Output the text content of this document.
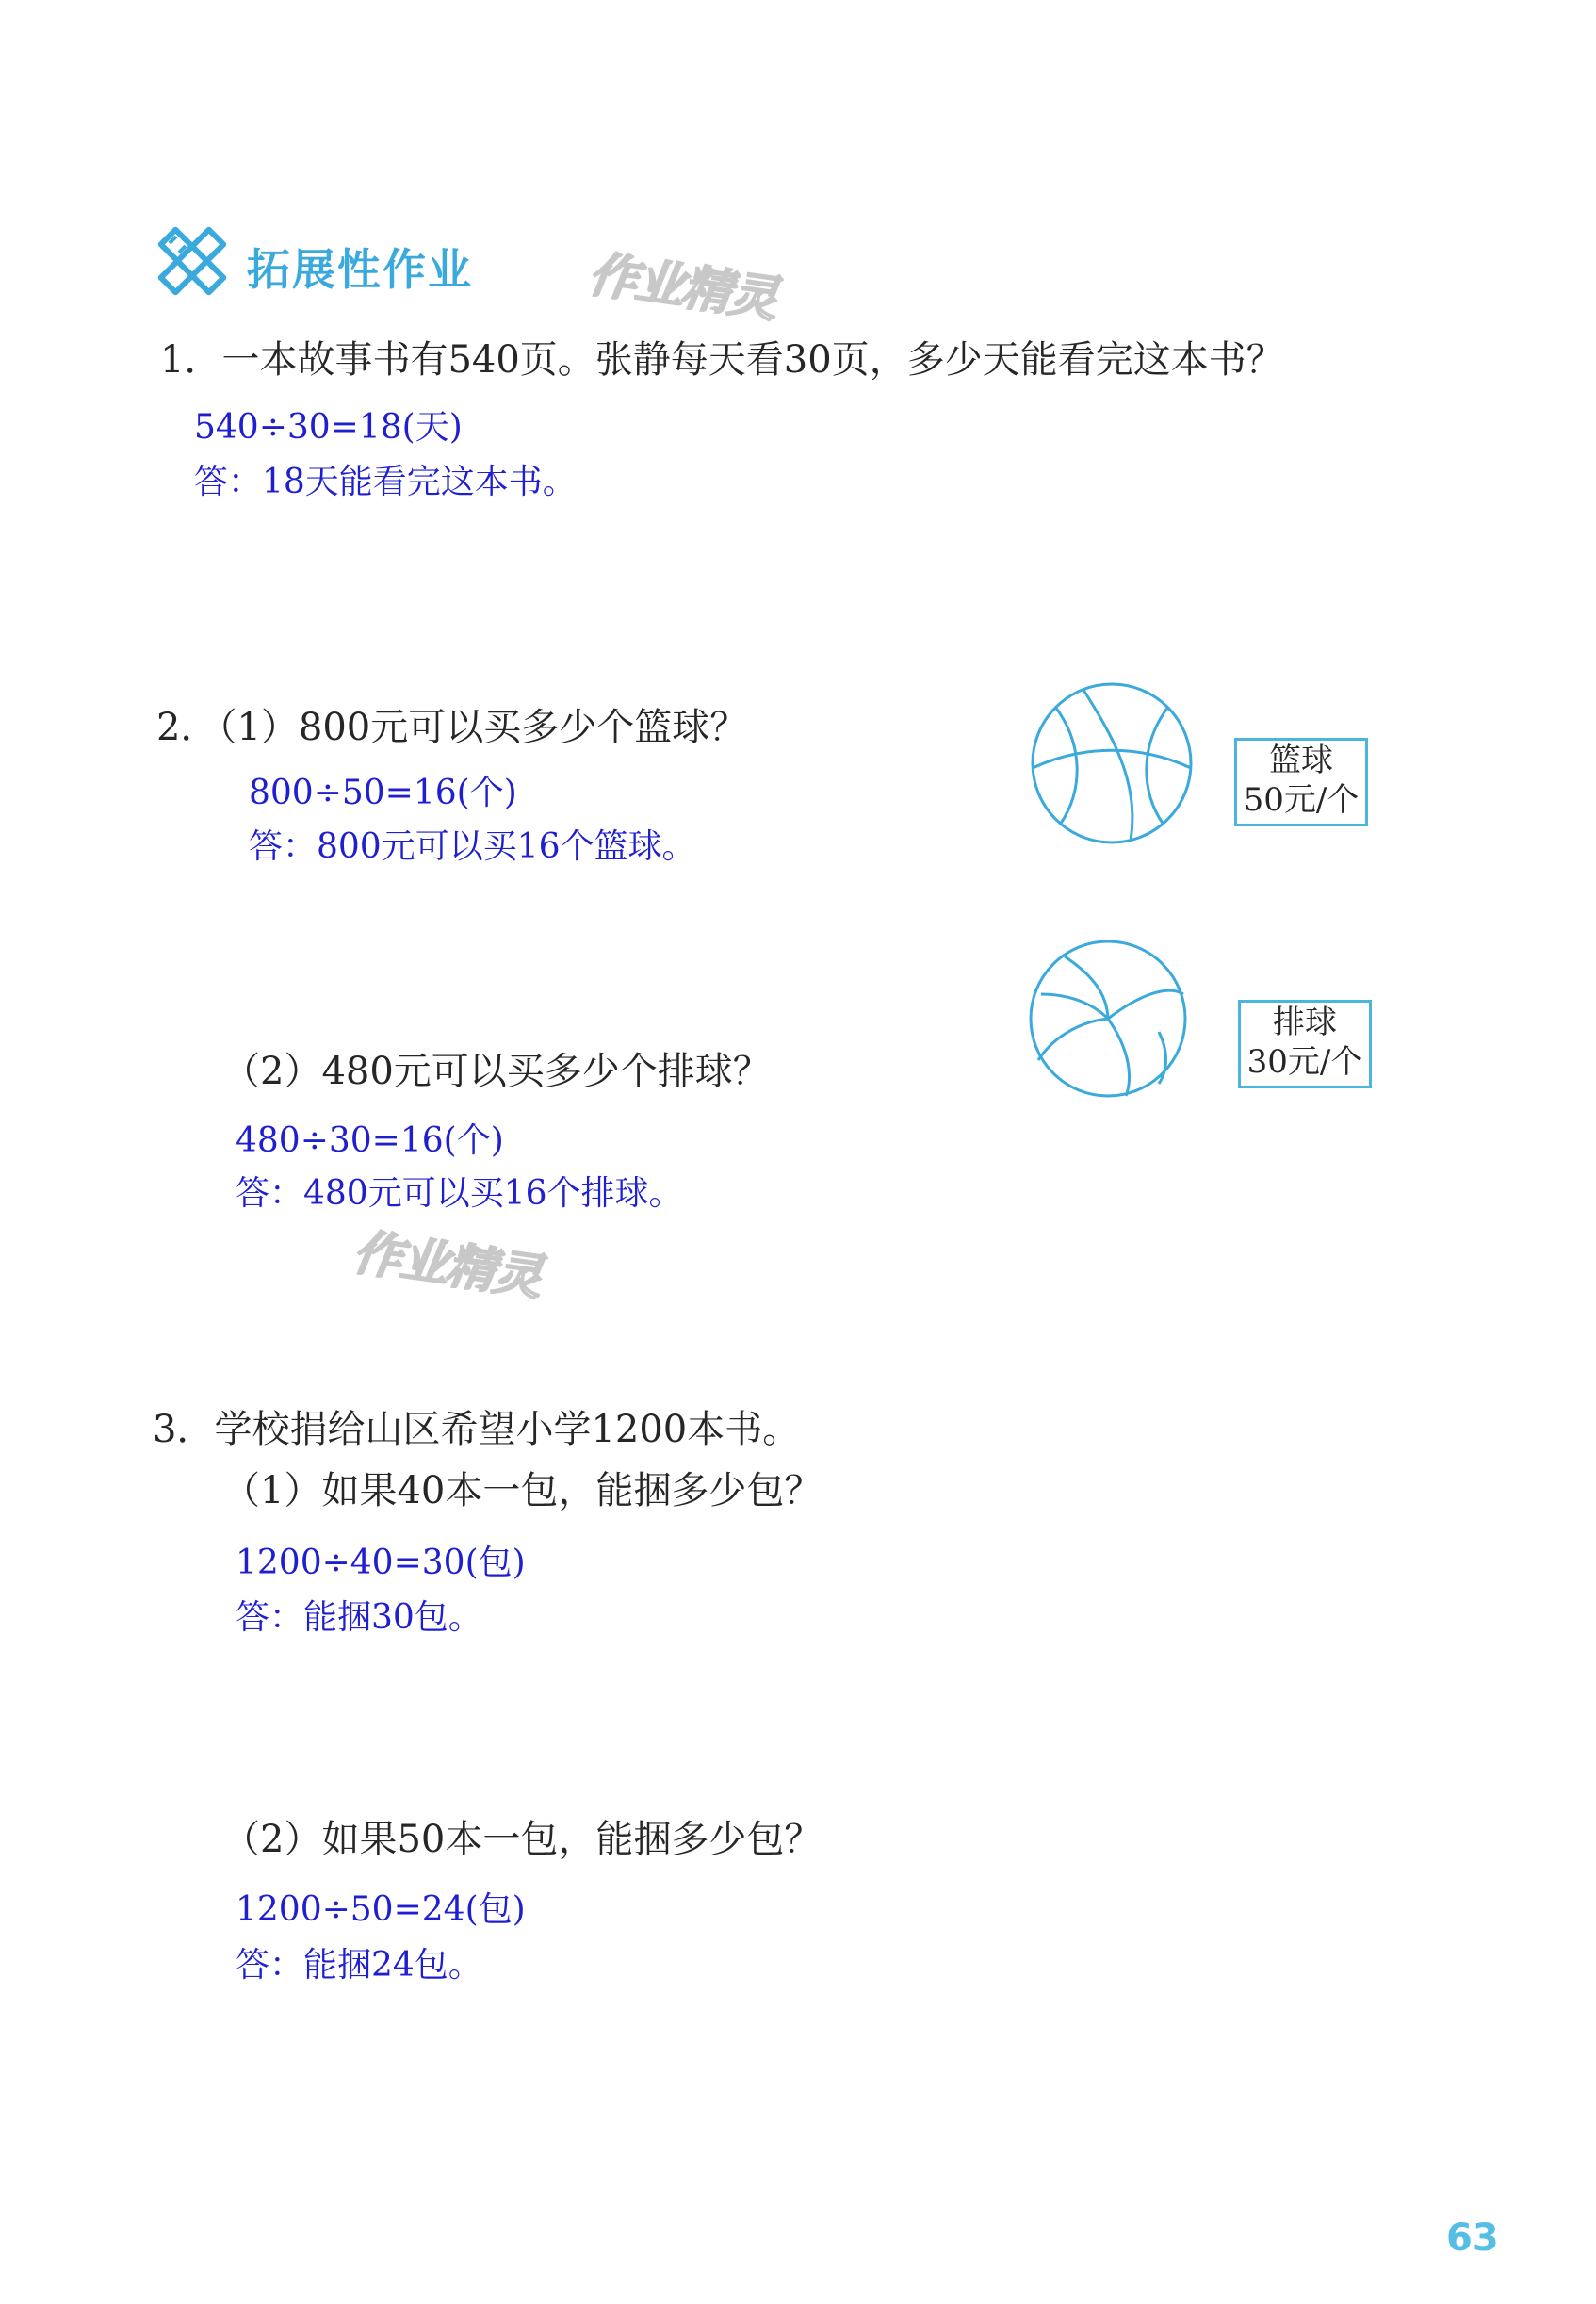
拓展性作业 作业精灵
1．一本故事书有540页。张静每天看30页，多少天能看完这本书？
540÷30=18(天)
答：18天能看完这本书。
2．（1）800元可以买多少个篮球？
800÷50=16(个)
答：800元可以买16个篮球。
篮球
50元/个
（2）480元可以买多少个排球？
480÷30=16(个)
答：480元可以买16个排球。
排球
30元/个
作业精灵
3．学校捐给山区希望小学1200本书。
（1）如果40本一包，能捆多少包？
1200÷40=30(包)
答：能捆30包。
（2）如果50本一包，能捆多少包？
1200÷50=24(包)
答：能捆24包。
63
